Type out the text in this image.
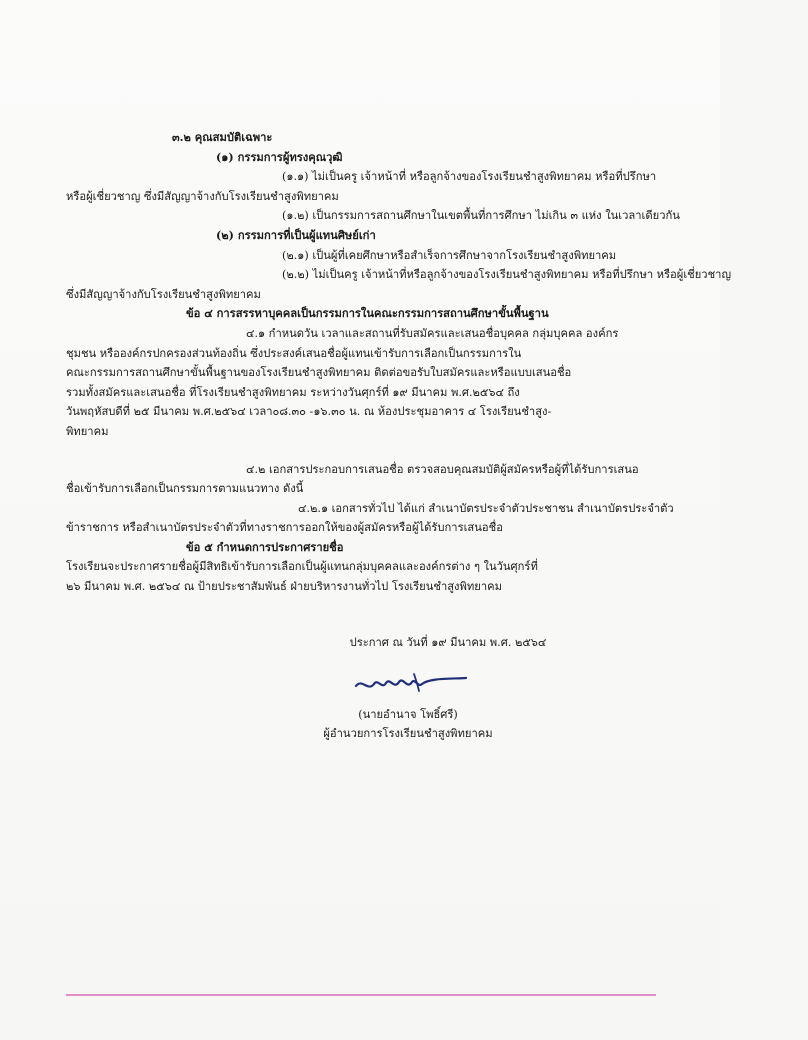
๓.๒ คุณสมบัติเฉพาะ
(๑) กรรมการผู้ทรงคุณวุฒิ
(๑.๑) ไม่เป็นครู เจ้าหน้าที่ หรือลูกจ้างของโรงเรียนชำสูงพิทยาคม หรือที่ปรึกษา
หรือผู้เชี่ยวชาญ ซึ่งมีสัญญาจ้างกับโรงเรียนชำสูงพิทยาคม
(๑.๒) เป็นกรรมการสถานศึกษาในเขตพื้นที่การศึกษา ไม่เกิน ๓ แห่ง ในเวลาเดียวกัน
(๒) กรรมการที่เป็นผู้แทนศิษย์เก่า
(๒.๑) เป็นผู้ที่เคยศึกษาหรือสำเร็จการศึกษาจากโรงเรียนชำสูงพิทยาคม
(๒.๒) ไม่เป็นครู เจ้าหน้าที่หรือลูกจ้างของโรงเรียนชำสูงพิทยาคม หรือที่ปรึกษา หรือผู้เชี่ยวชาญ
ซึ่งมีสัญญาจ้างกับโรงเรียนชำสูงพิทยาคม
ข้อ ๔ การสรรหาบุคคลเป็นกรรมการในคณะกรรมการสถานศึกษาขั้นพื้นฐาน
๔.๑ กำหนดวัน เวลาและสถานที่รับสมัครและเสนอชื่อบุคคล กลุ่มบุคคล องค์กร
ชุมชน หรือองค์กรปกครองส่วนท้องถิ่น ซึ่งประสงค์เสนอชื่อผู้แทนเข้ารับการเลือกเป็นกรรมการใน
คณะกรรมการสถานศึกษาขั้นพื้นฐานของโรงเรียนชำสูงพิทยาคม ติดต่อขอรับใบสมัครและหรือแบบเสนอชื่อ
รวมทั้งสมัครและเสนอชื่อ ที่โรงเรียนชำสูงพิทยาคม ระหว่างวันศุกร์ที่ ๑๙ มีนาคม พ.ศ.๒๕๖๔ ถึง
วันพฤหัสบดีที่ ๒๕ มีนาคม พ.ศ.๒๕๖๔ เวลา๐๘.๓๐ -๑๖.๓๐ น. ณ ห้องประชุมอาคาร ๔ โรงเรียนชำสูง-
พิทยาคม
๔.๒ เอกสารประกอบการเสนอชื่อ ตรวจสอบคุณสมบัติผู้สมัครหรือผู้ที่ได้รับการเสนอ
ชื่อเข้ารับการเลือกเป็นกรรมการตามแนวทาง ดังนี้
๔.๒.๑ เอกสารทั่วไป ได้แก่ สำเนาบัตรประจำตัวประชาชน สำเนาบัตรประจำตัว
ข้าราชการ หรือสำเนาบัตรประจำตัวที่ทางราชการออกให้ของผู้สมัครหรือผู้ได้รับการเสนอชื่อ
ข้อ ๕ กำหนดการประกาศรายชื่อ
โรงเรียนจะประกาศรายชื่อผู้มีสิทธิเข้ารับการเลือกเป็นผู้แทนกลุ่มบุคคลและองค์กรต่าง ๆ ในวันศุกร์ที่
๒๖ มีนาคม พ.ศ. ๒๕๖๔ ณ ป้ายประชาสัมพันธ์ ฝ่ายบริหารงานทั่วไป โรงเรียนชำสูงพิทยาคม
ประกาศ ณ วันที่ ๑๙ มีนาคม พ.ศ. ๒๕๖๔
(นายอำนาจ โพธิ์ศรี)
ผู้อำนวยการโรงเรียนชำสูงพิทยาคม
